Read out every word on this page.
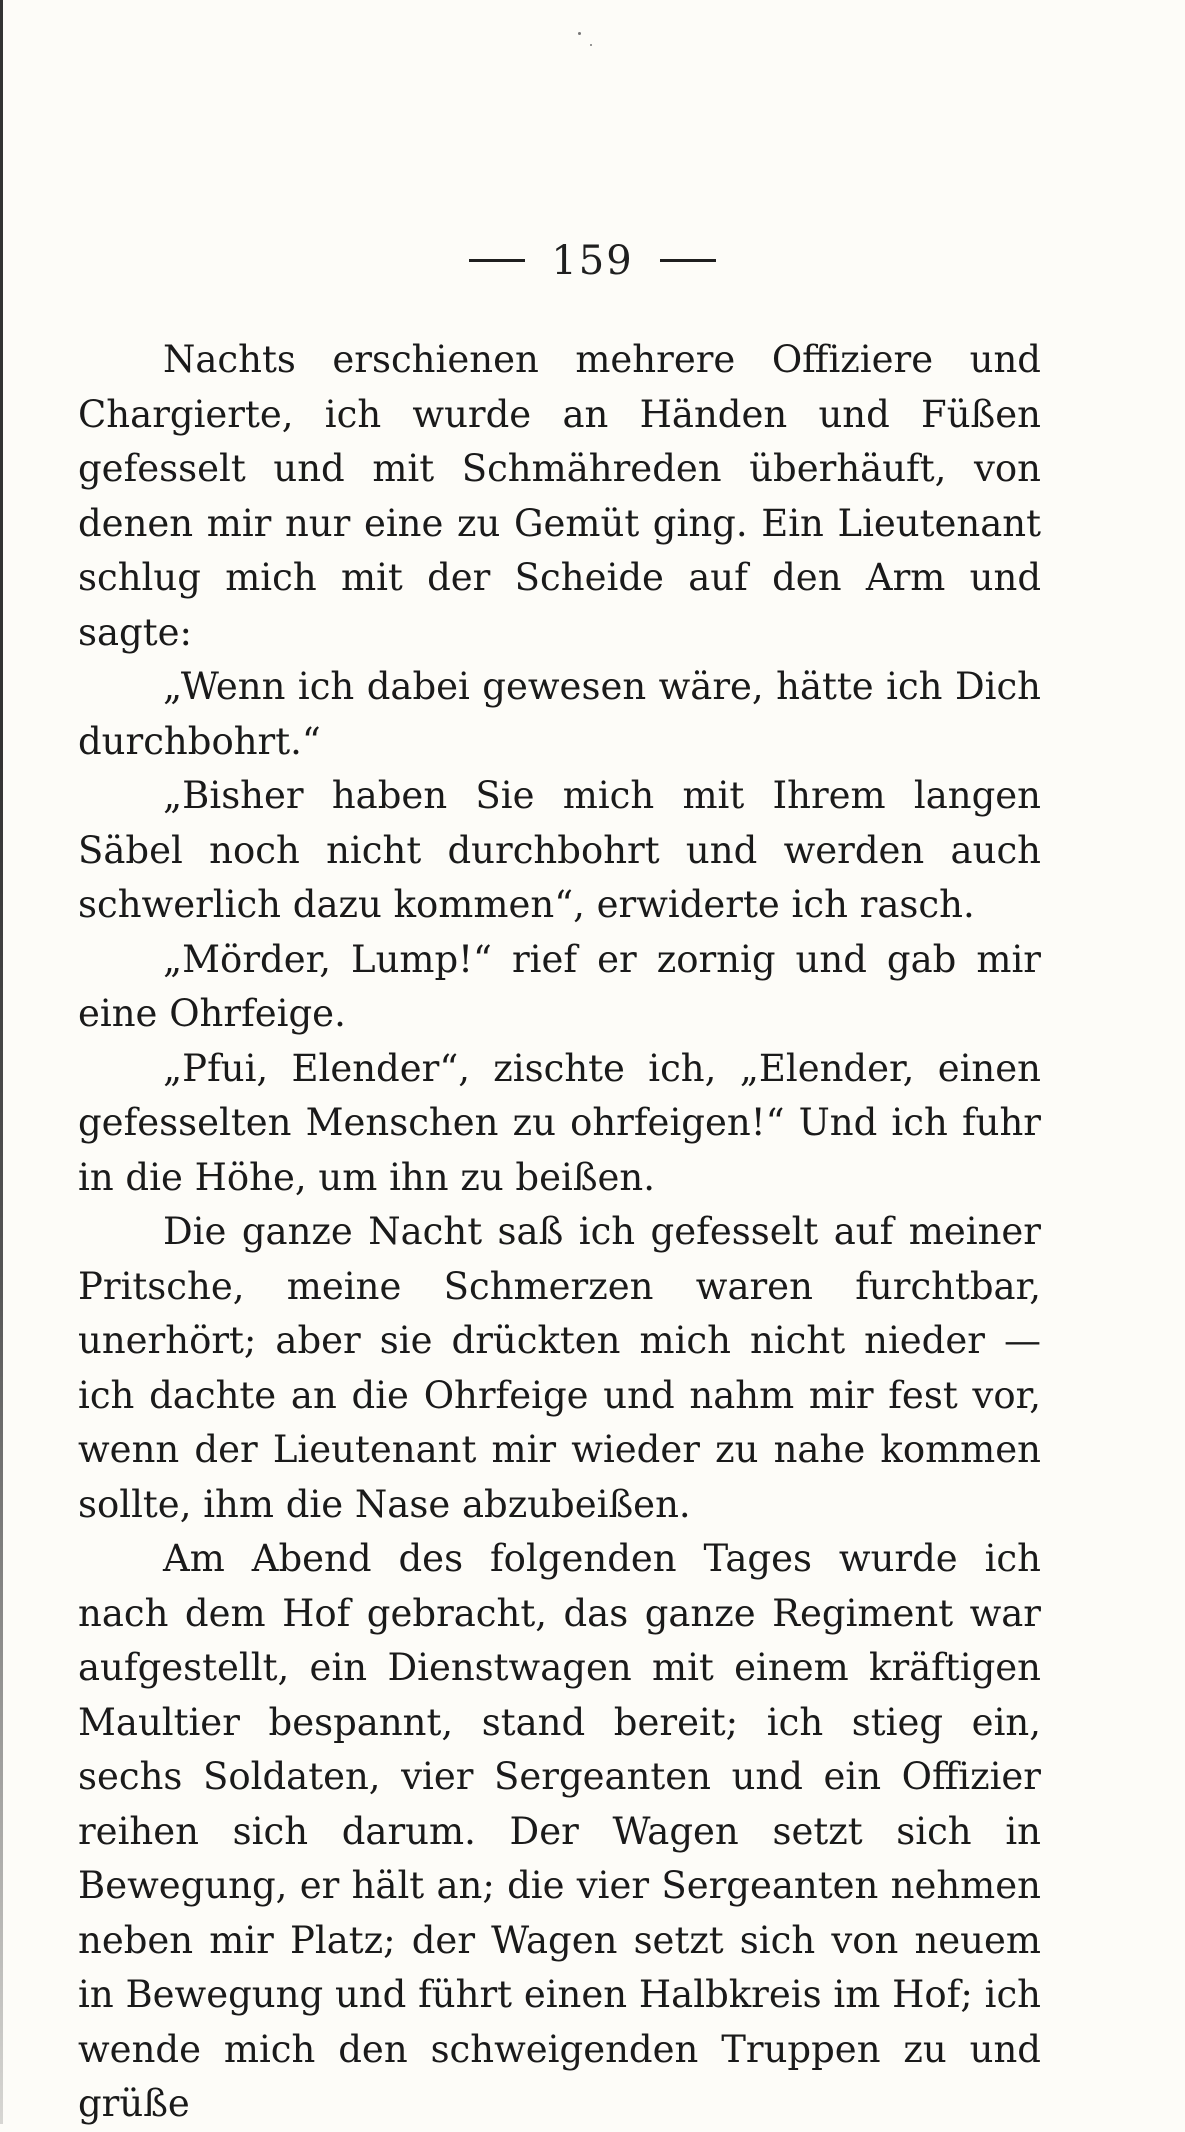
159

Nachts erschienen mehrere Offiziere und Chargierte, ich wurde an Händen und Füßen gefesselt und mit Schmähreden überhäuft, von denen mir nur eine zu Gemüt ging. Ein Lieutenant schlug mich mit der Scheide auf den Arm und sagte:

„Wenn ich dabei gewesen wäre, hätte ich Dich durchbohrt.“

„Bisher haben Sie mich mit Ihrem langen Säbel noch nicht durchbohrt und werden auch schwerlich dazu kommen“, erwiderte ich rasch.

„Mörder, Lump!“ rief er zornig und gab mir eine Ohrfeige.

„Pfui, Elender“, zischte ich, „Elender, einen gefesselten Menschen zu ohrfeigen!“ Und ich fuhr in die Höhe, um ihn zu beißen.

Die ganze Nacht saß ich gefesselt auf meiner Pritsche, meine Schmerzen waren furchtbar, unerhört; aber sie drückten mich nicht nieder — ich dachte an die Ohrfeige und nahm mir fest vor, wenn der Lieutenant mir wieder zu nahe kommen sollte, ihm die Nase abzubeißen.

Am Abend des folgenden Tages wurde ich nach dem Hof gebracht, das ganze Regiment war aufgestellt, ein Dienstwagen mit einem kräftigen Maultier bespannt, stand bereit; ich stieg ein, sechs Soldaten, vier Sergeanten und ein Offizier reihen sich darum. Der Wagen setzt sich in Bewegung, er hält an; die vier Sergeanten nehmen neben mir Platz; der Wagen setzt sich von neuem in Bewegung und führt einen Halbkreis im Hof; ich wende mich den schweigenden Truppen zu und grüße
